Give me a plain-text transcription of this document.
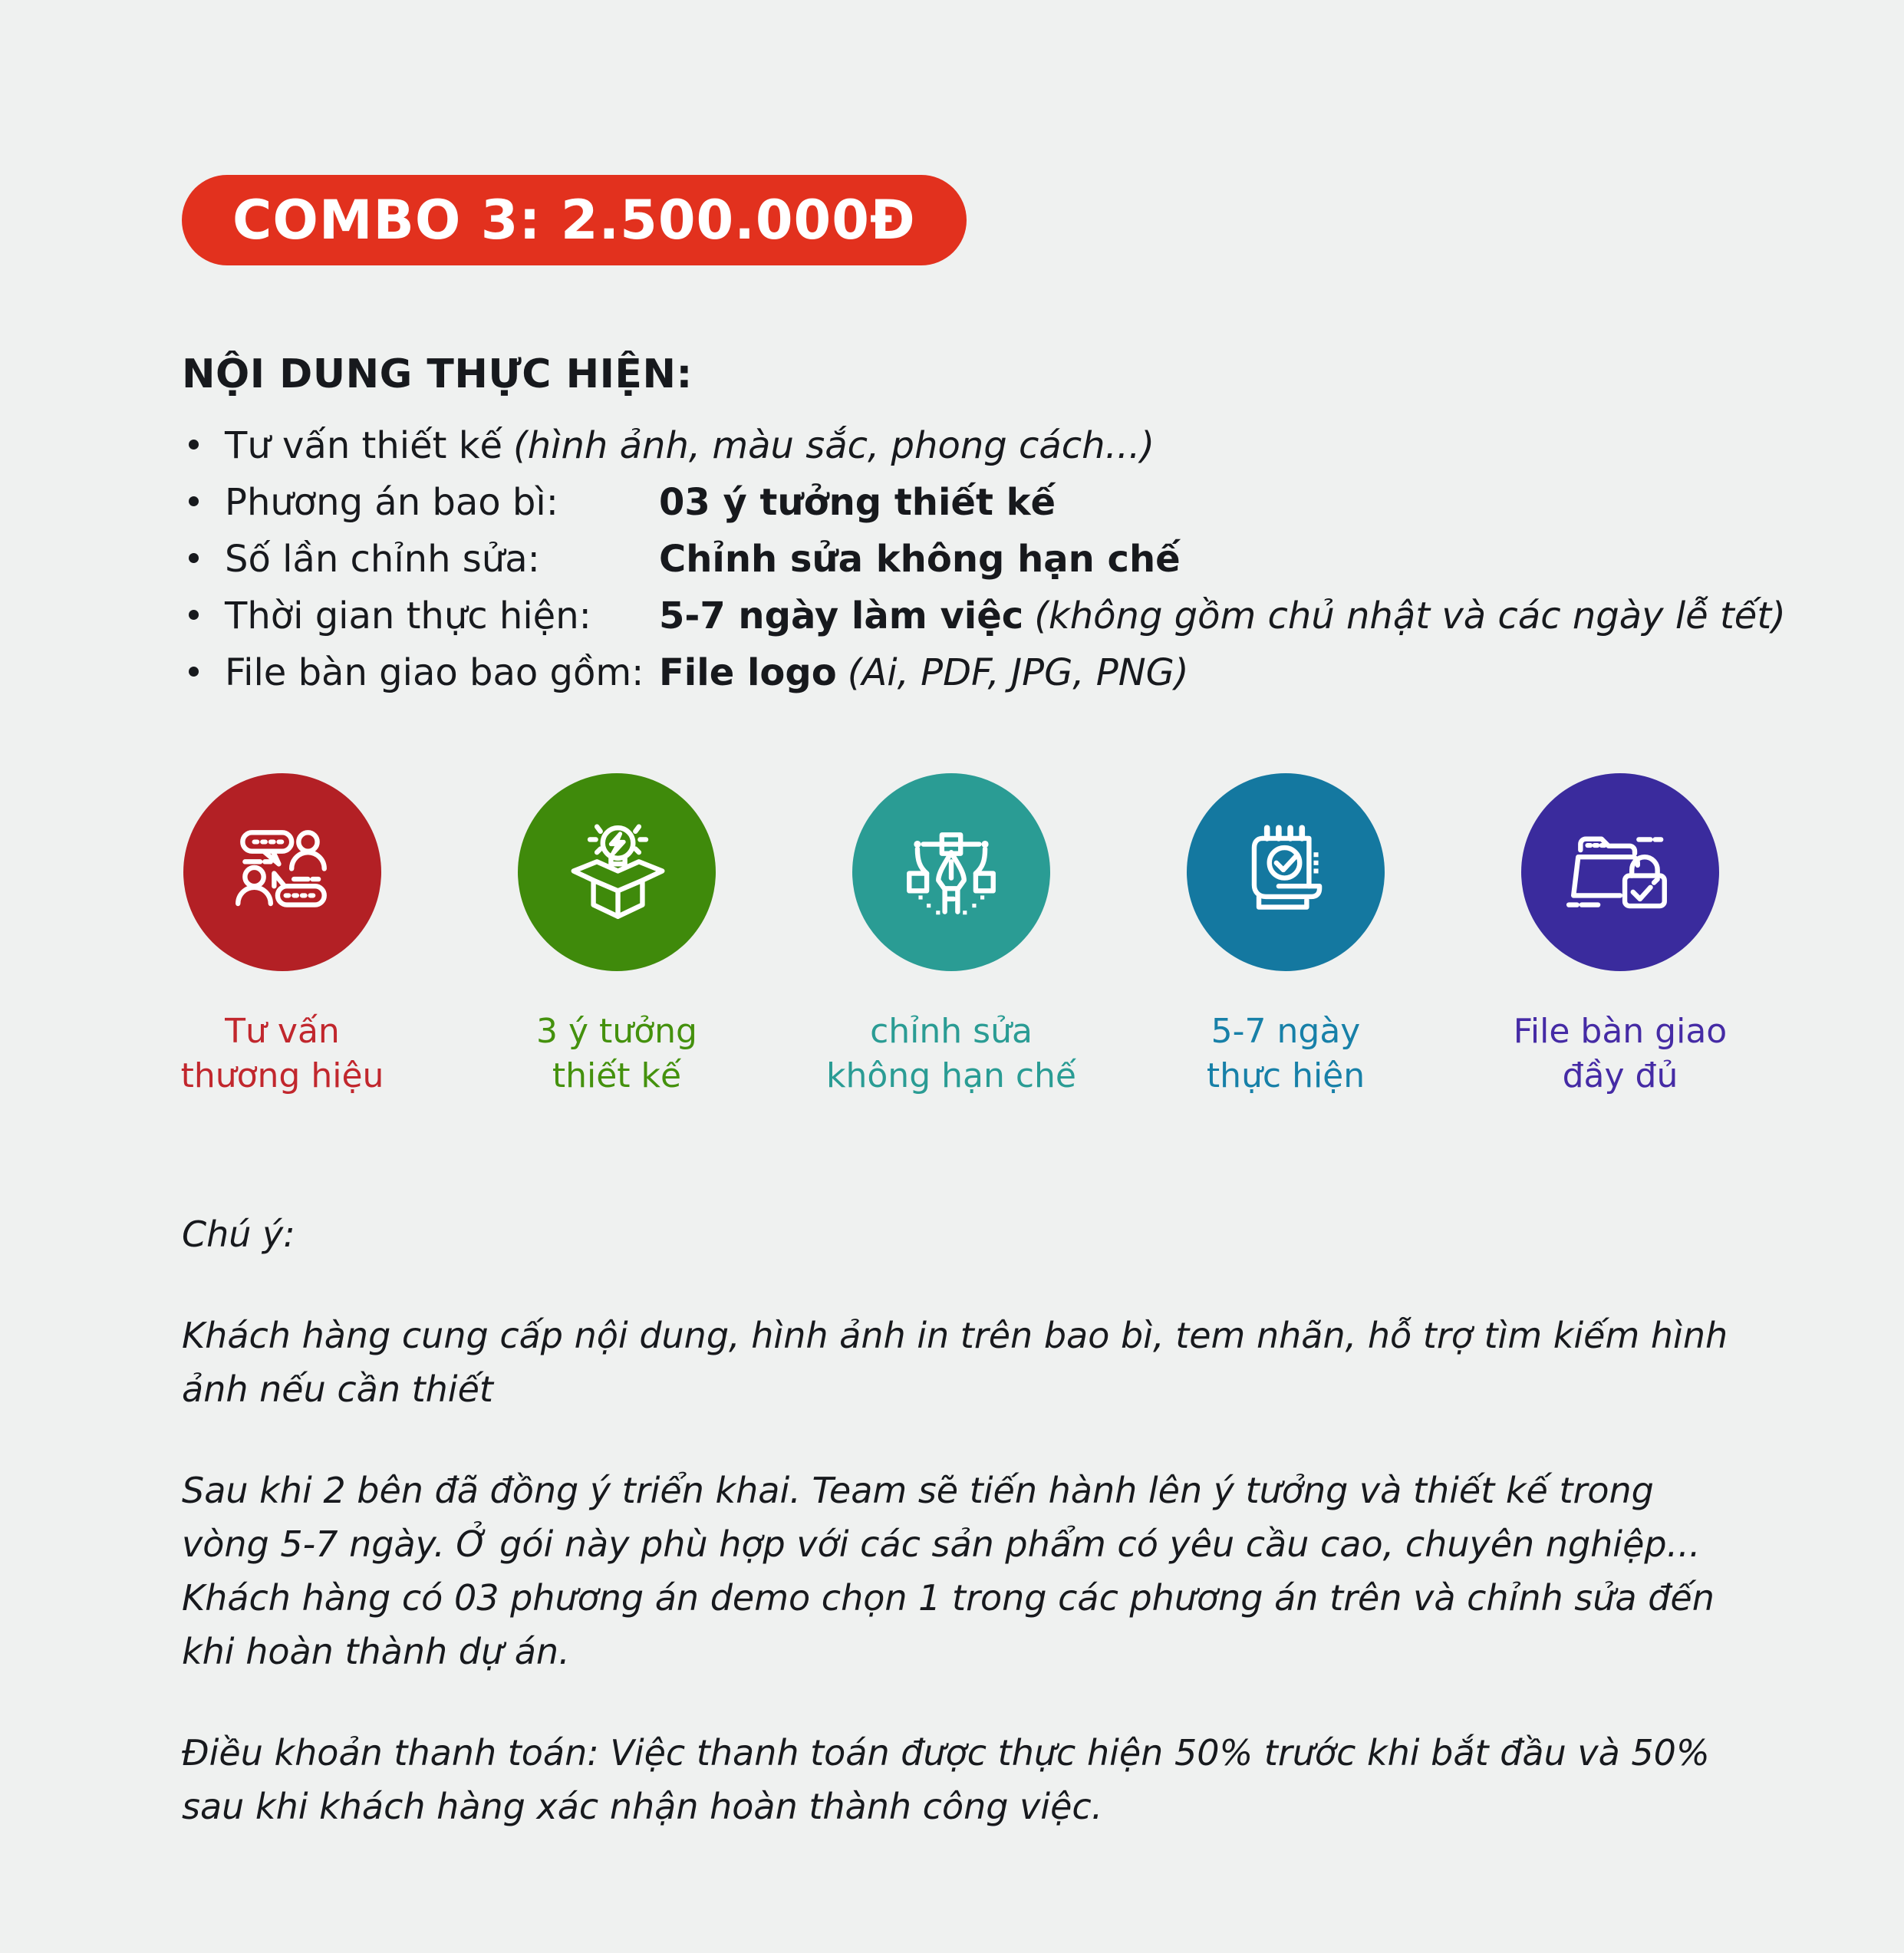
COMBO 3: 2.500.000Đ
NỘI DUNG THỰC HIỆN:
Tư vấn thiết kế (hình ảnh, màu sắc, phong cách...)
Phương án bao bì:	03 ý tưởng thiết kế
Số lần chỉnh sửa:	Chỉnh sửa không hạn chế
Thời gian thực hiện: 5-7 ngày làm việc (không gồm chủ nhật và các ngày lễ tết)
File bàn giao bao gồm: File logo (Ai, PDF, JPG, PNG)
Tư vấn
thương hiệu
3 ý tưởng
thiết kế
chỉnh sửa
không hạn chế
5-7 ngày
thực hiện
File bàn giao
đầy đủ

Chú ý:

Khách hàng cung cấp nội dung, hình ảnh in trên bao bì, tem nhãn, hỗ trợ tìm kiếm hình ảnh nếu cần thiết

Sau khi 2 bên đã đồng ý triển khai. Team sẽ tiến hành lên ý tưởng và thiết kế trong vòng 5-7 ngày. Ở gói này phù hợp với các sản phẩm có yêu cầu cao, chuyên nghiệp... Khách hàng có 03 phương án demo chọn 1 trong các phương án trên và chỉnh sửa đến khi hoàn thành dự án.

Điều khoản thanh toán: Việc thanh toán được thực hiện 50% trước khi bắt đầu và 50% sau khi khách hàng xác nhận hoàn thành công việc.
